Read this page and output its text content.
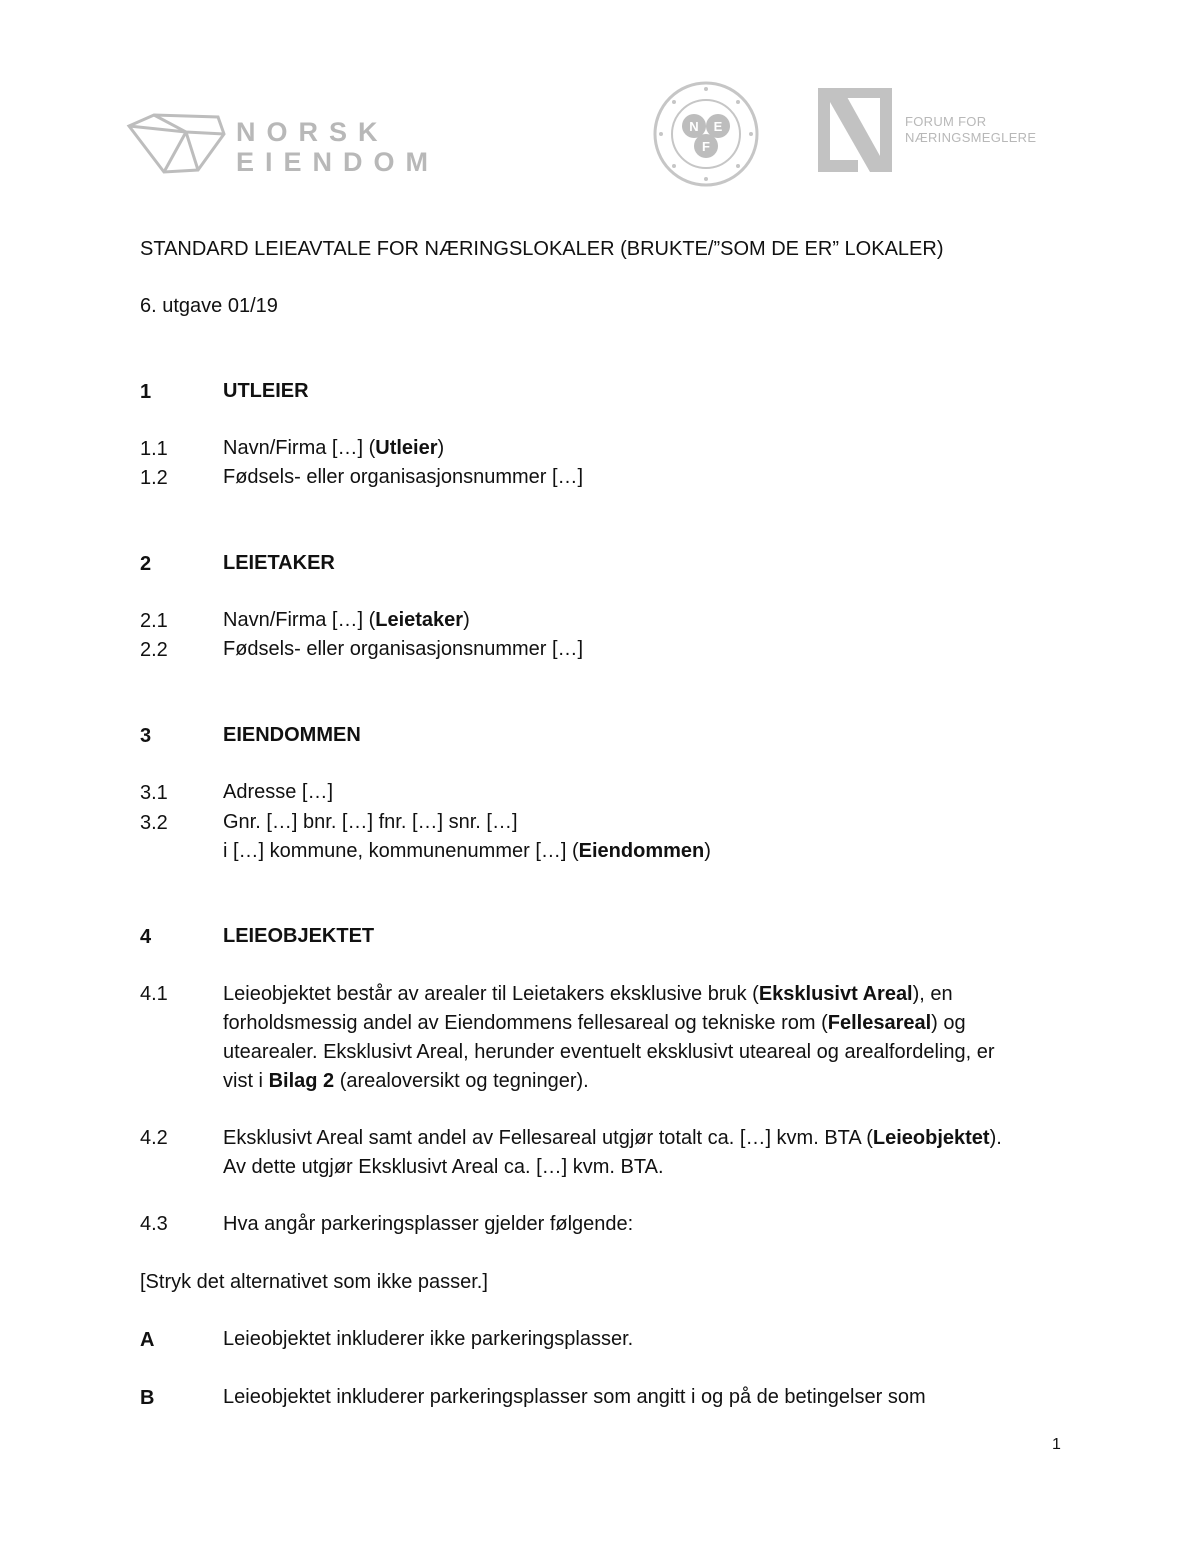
NORSK
EIENDOM
N E
F
FORUM FOR
NÆRINGSMEGLERE
STANDARD LEIEAVTALE FOR NÆRINGSLOKALER (BRUKTE/”SOM DE ER” LOKALER)
6. utgave 01/19
1	UTLEIER
1.1	Navn/Firma […] (Utleier)
1.2	Fødsels- eller organisasjonsnummer […]
2	LEIETAKER
2.1	Navn/Firma […] (Leietaker)
2.2	Fødsels- eller organisasjonsnummer […]
3	EIENDOMMEN
3.1	Adresse […]
3.2	Gnr. […] bnr. […] fnr. […] snr. […]
i […] kommune, kommunenummer […] (Eiendommen)
4	LEIEOBJEKTET
4.1	Leieobjektet består av arealer til Leietakers eksklusive bruk (Eksklusivt Areal), en
forholdsmessig andel av Eiendommens fellesareal og tekniske rom (Fellesareal) og
utearealer. Eksklusivt Areal, herunder eventuelt eksklusivt uteareal og arealfordeling, er
vist i Bilag 2 (arealoversikt og tegninger).
4.2	Eksklusivt Areal samt andel av Fellesareal utgjør totalt ca. […] kvm. BTA (Leieobjektet).
Av dette utgjør Eksklusivt Areal ca. […] kvm. BTA.
4.3	Hva angår parkeringsplasser gjelder følgende:
[Stryk det alternativet som ikke passer.]
A	Leieobjektet inkluderer ikke parkeringsplasser.
B	Leieobjektet inkluderer parkeringsplasser som angitt i og på de betingelser som
1
